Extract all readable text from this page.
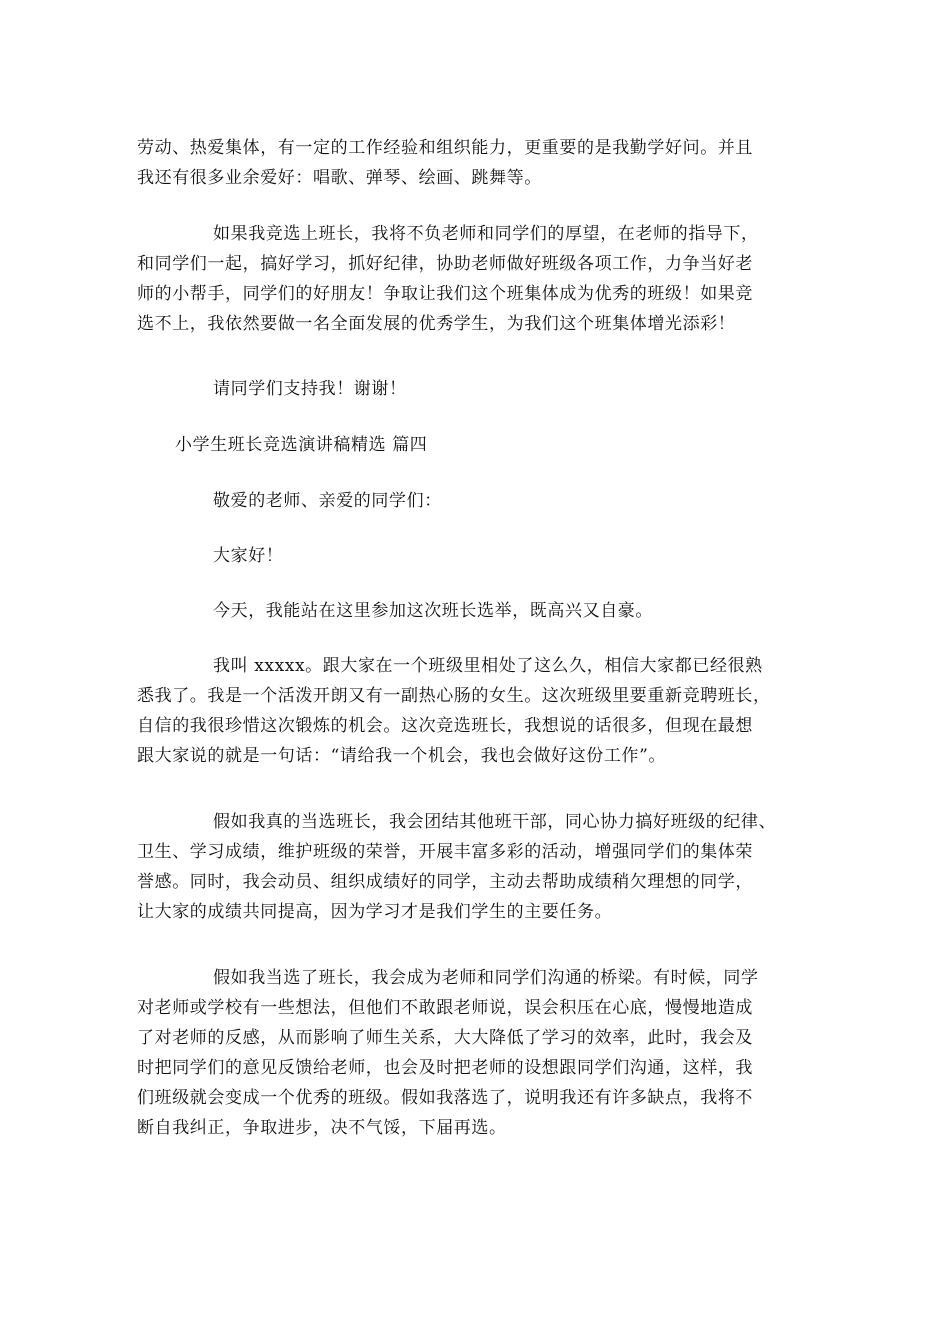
劳动、热爱集体，有一定的工作经验和组织能力，更重要的是我勤学好问。并且
我还有很多业余爱好：唱歌、弹琴、绘画、跳舞等。
如果我竞选上班长，我将不负老师和同学们的厚望，在老师的指导下，
和同学们一起，搞好学习，抓好纪律，协助老师做好班级各项工作，力争当好老
师的小帮手，同学们的好朋友！争取让我们这个班集体成为优秀的班级！如果竞
选不上，我依然要做一名全面发展的优秀学生，为我们这个班集体增光添彩！
请同学们支持我！谢谢！
小学生班长竞选演讲稿精选 篇四
敬爱的老师、亲爱的同学们：
大家好！
今天，我能站在这里参加这次班长选举，既高兴又自豪。
我叫 xxxxx。跟大家在一个班级里相处了这么久，相信大家都已经很熟
悉我了。我是一个活泼开朗又有一副热心肠的女生。这次班级里要重新竞聘班长，
自信的我很珍惜这次锻炼的机会。这次竞选班长，我想说的话很多，但现在最想
跟大家说的就是一句话：“请给我一个机会，我也会做好这份工作”。
假如我真的当选班长，我会团结其他班干部，同心协力搞好班级的纪律、
卫生、学习成绩，维护班级的荣誉，开展丰富多彩的活动，增强同学们的集体荣
誉感。同时，我会动员、组织成绩好的同学，主动去帮助成绩稍欠理想的同学，
让大家的成绩共同提高，因为学习才是我们学生的主要任务。
假如我当选了班长，我会成为老师和同学们沟通的桥梁。有时候，同学
对老师或学校有一些想法，但他们不敢跟老师说，误会积压在心底，慢慢地造成
了对老师的反感，从而影响了师生关系，大大降低了学习的效率，此时，我会及
时把同学们的意见反馈给老师，也会及时把老师的设想跟同学们沟通，这样，我
们班级就会变成一个优秀的班级。假如我落选了，说明我还有许多缺点，我将不
断自我纠正，争取进步，决不气馁，下届再选。
